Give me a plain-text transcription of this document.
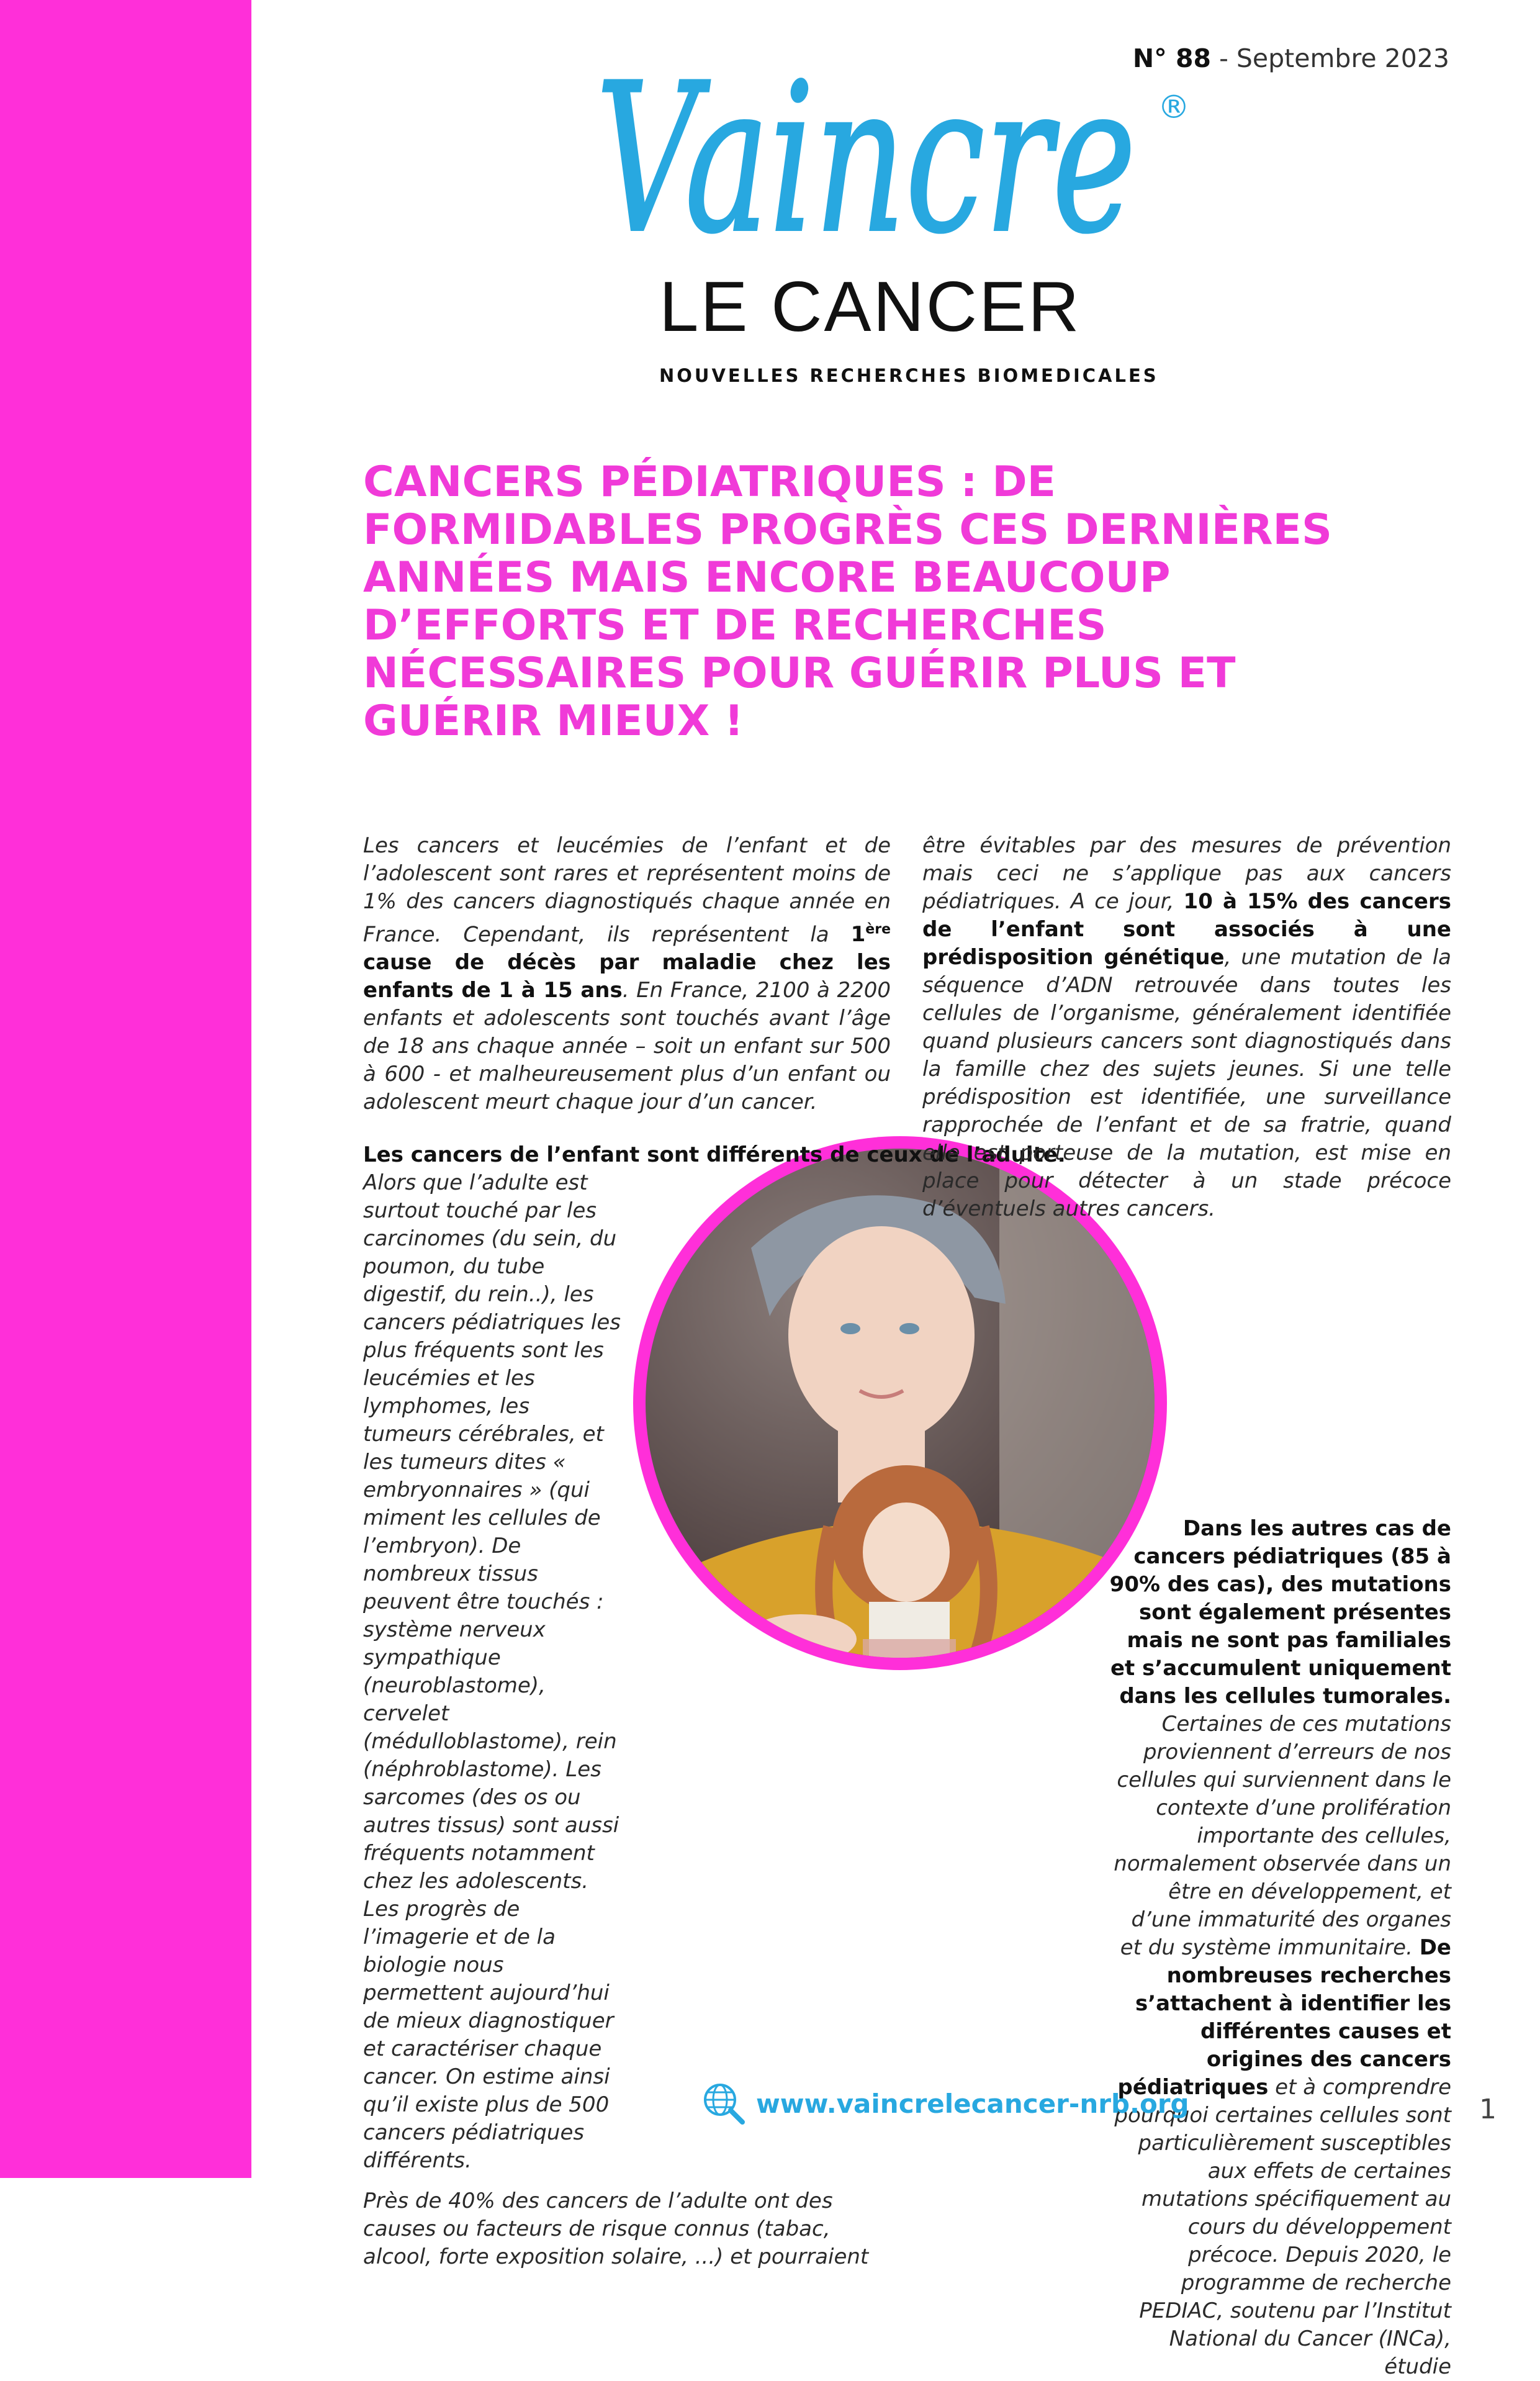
N° 88 - Septembre 2023
Vaincre ®
LE CANCER
NOUVELLES RECHERCHES BIOMEDICALES
CANCERS PÉDIATRIQUES : DE
FORMIDABLES PROGRÈS CES DERNIÈRES
ANNÉES MAIS ENCORE BEAUCOUP
D’EFFORTS ET DE RECHERCHES
NÉCESSAIRES POUR GUÉRIR PLUS ET
GUÉRIR MIEUX !

Les cancers et leucémies de l’enfant et de l’adolescent sont rares et représentent moins de 1% des cancers diagnostiqués chaque année en France. Cependant, ils représentent la 1ère cause de décès par maladie chez les enfants de 1 à 15 ans. En France, 2100 à 2200 enfants et adolescents sont touchés avant l’âge de 18 ans chaque année – soit un enfant sur 500 à 600 - et malheureusement plus d’un enfant ou adolescent meurt chaque jour d’un cancer.

Les cancers de l’enfant sont différents de ceux de l’adulte.

Alors que l’adulte est surtout touché par les carcinomes (du sein, du poumon, du tube digestif, du rein..), les cancers pédiatriques les plus fréquents sont les leucémies et les lymphomes, les tumeurs cérébrales, et les tumeurs dites « embryonnaires » (qui miment les cellules de l’embryon). De nombreux tissus peuvent être touchés : système nerveux sympathique (neuroblastome), cervelet (médulloblastome), rein (néphroblastome). Les sarcomes (des os ou autres tissus) sont aussi fréquents notamment chez les adolescents. Les progrès de l’imagerie et de la biologie nous permettent aujourd’hui de mieux diagnostiquer et caractériser chaque cancer. On estime ainsi qu’il existe plus de 500 cancers pédiatriques différents.

Près de 40% des cancers de l’adulte ont des causes ou facteurs de risque connus (tabac, alcool, forte exposition solaire, ...) et pourraient

être évitables par des mesures de prévention mais ceci ne s’applique pas aux cancers pédiatriques. A ce jour, 10 à 15% des cancers de l’enfant sont associés à une prédisposition génétique, une mutation de la séquence d’ADN retrouvée dans toutes les cellules de l’organisme, généralement identifiée quand plusieurs cancers sont diagnostiqués dans la famille chez des sujets jeunes. Si une telle prédisposition est identifiée, une surveillance rapprochée de l’enfant et de sa fratrie, quand elle est porteuse de la mutation, est mise en place pour détecter à un stade précoce d’éventuels autres cancers.
Dans les autres cas de cancers pédiatriques (85 à 90% des cas), des mutations sont également présentes mais ne sont pas familiales et s’accumulent uniquement dans les cellules tumorales. Certaines de ces mutations proviennent d’erreurs de nos cellules qui surviennent dans le contexte d’une prolifération importante des cellules, normalement observée dans un être en développement, et d’une immaturité des organes et du système immunitaire. De nombreuses recherches s’attachent à identifier les différentes causes et origines des cancers pédiatriques et à comprendre pourquoi certaines cellules sont particulièrement susceptibles aux effets de certaines mutations spécifiquement au cours du développement précoce. Depuis 2020, le programme de recherche PEDIAC, soutenu par l’Institut National du Cancer (INCa), étudie
www.vaincrelecancer-nrb.org	1
